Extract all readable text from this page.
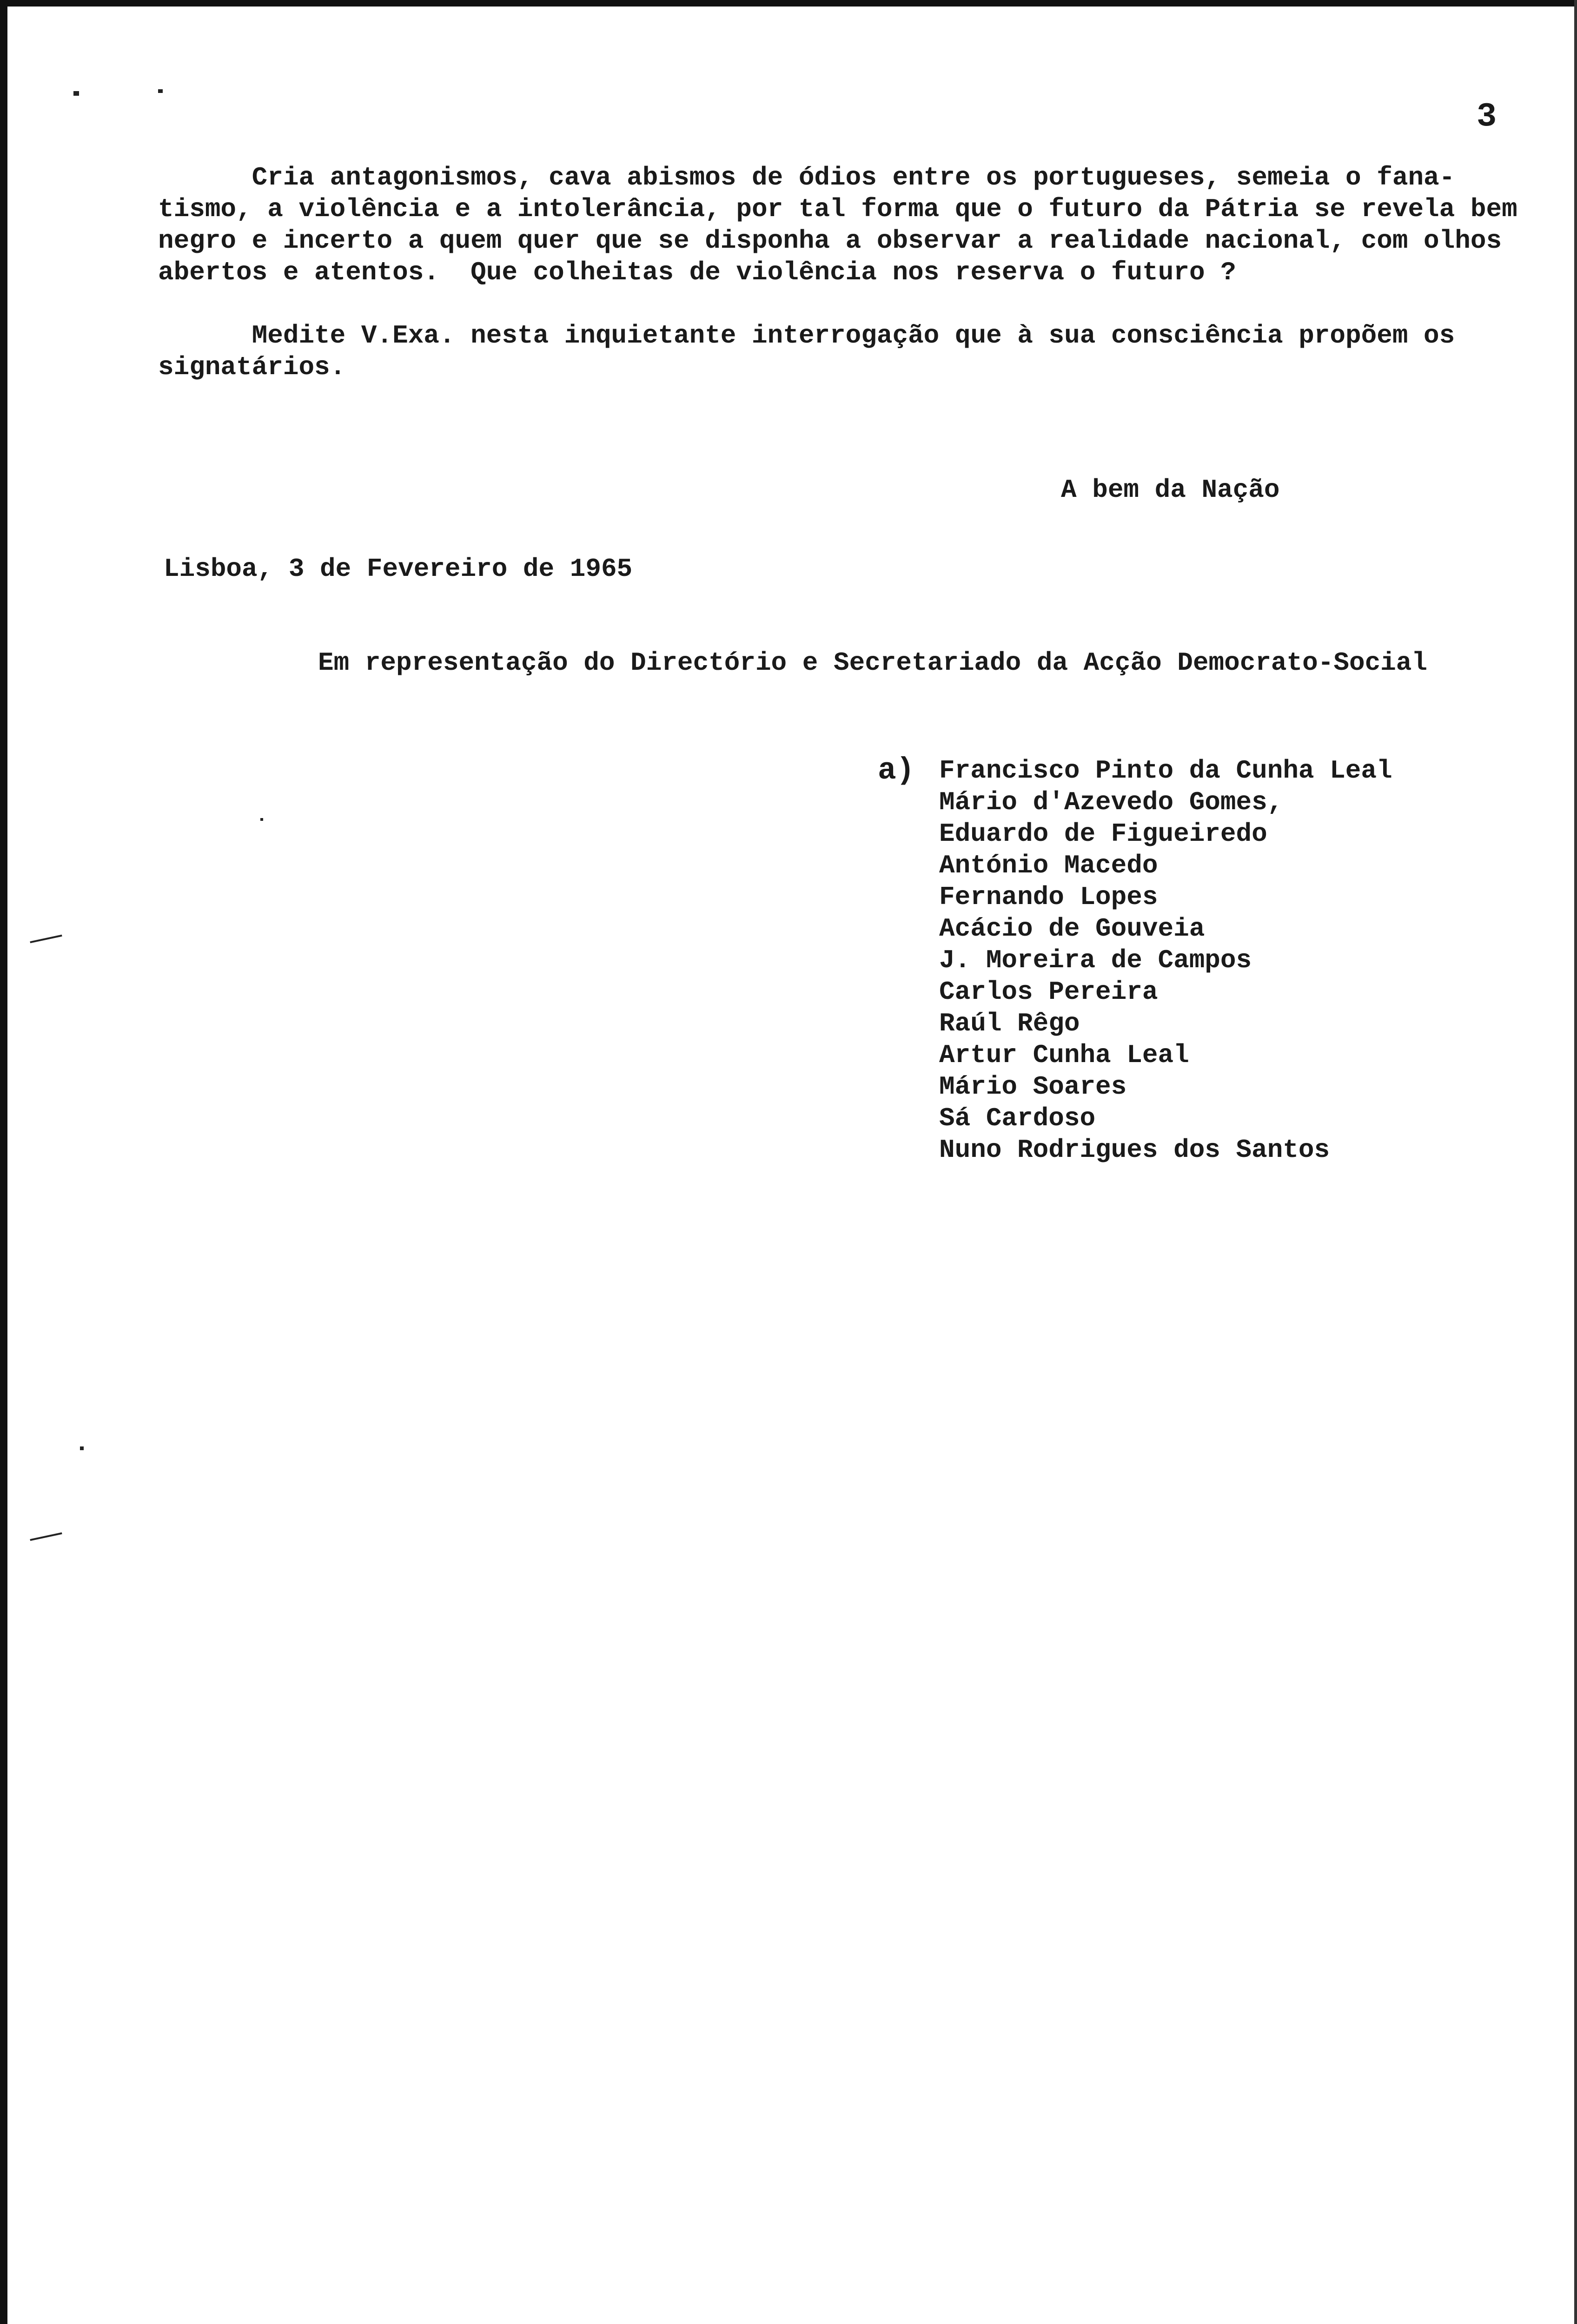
3
Cria antagonismos, cava abismos de ódios entre os portugueses, semeia o fana-
tismo, a violência e a intolerância, por tal forma que o futuro da Pátria se revela bem
negro e incerto a quem quer que se disponha a observar a realidade nacional, com olhos
abertos e atentos.  Que colheitas de violência nos reserva o futuro ?
Medite V.Exa. nesta inquietante interrogação que à sua consciência propõem os
signatários.
A bem da Nação
Lisboa, 3 de Fevereiro de 1965
Em representação do Directório e Secretariado da Acção Democrato-Social
a) Francisco Pinto da Cunha Leal
Mário d'Azevedo Gomes,
Eduardo de Figueiredo
António Macedo
Fernando Lopes
Acácio de Gouveia
J. Moreira de Campos
Carlos Pereira
Raúl Rêgo
Artur Cunha Leal
Mário Soares
Sá Cardoso
Nuno Rodrigues dos Santos
